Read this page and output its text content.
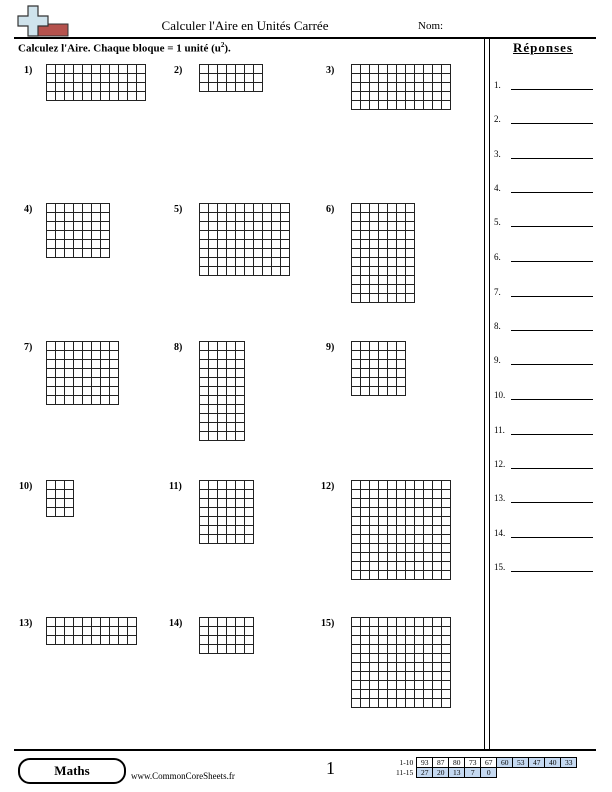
Calculer l'Aire en Unités Carrée	Nom:
Calculez l'Aire. Chaque bloque = 1 unité $(u^2)$.	Réponses
1.
2.
3.
4.
5.
6.
7.
8.
9.
10.
11.
12.
13.
14.
15.
1)

											2)

							3)

4)

							5)

										6)

7)

								8)

					9)

10)

			11)

						12)

13)

										14)

						15)

Maths	www.CommonCoreSheets.fr	1	1-10	93	87	80	73	67	60	53	47	40	33
11-15	27	20	13	7	0					
